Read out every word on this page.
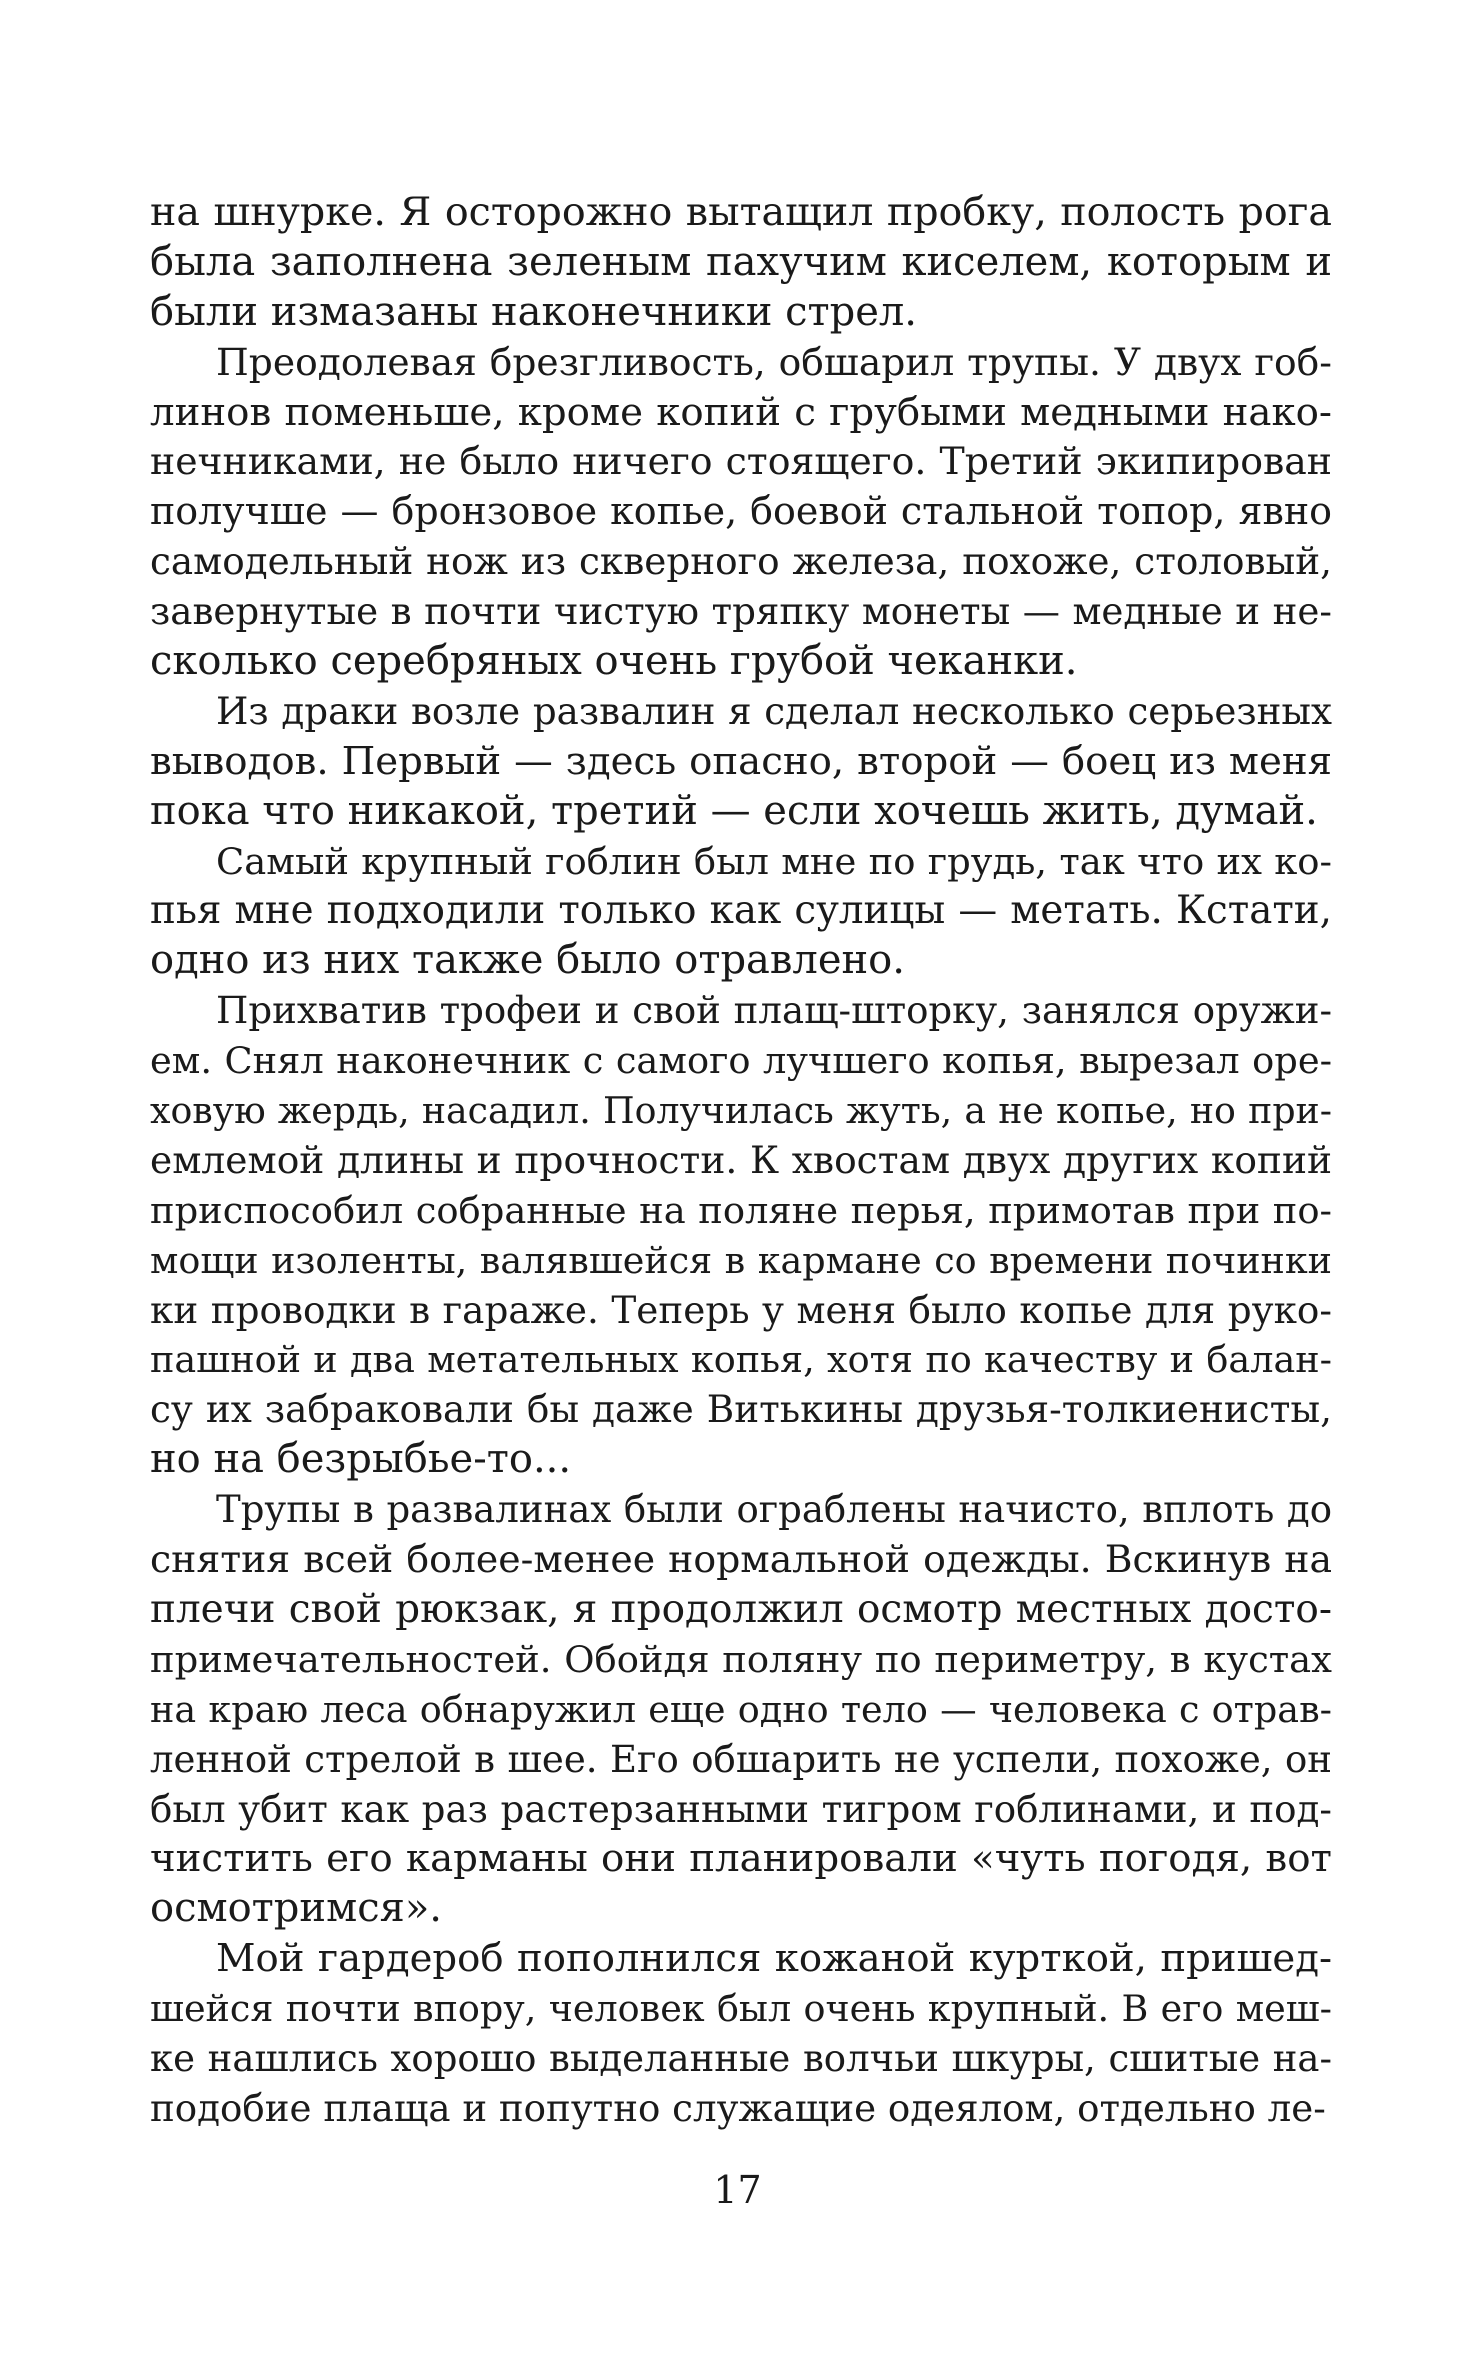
на шнурке. Я осторожно вытащил пробку, полость рога
была заполнена зеленым пахучим киселем, которым и
были измазаны наконечники стрел.
Преодолевая брезгливость, обшарил трупы. У двух гоб-
линов поменьше, кроме копий с грубыми медными нако-
нечниками, не было ничего стоящего. Третий экипирован
получше — бронзовое копье, боевой стальной топор, явно
самодельный нож из скверного железа, похоже, столовый,
завернутые в почти чистую тряпку монеты — медные и не-
сколько серебряных очень грубой чеканки.
Из драки возле развалин я сделал несколько серьезных
выводов. Первый — здесь опасно, второй — боец из меня
пока что никакой, третий — если хочешь жить, думай.
Самый крупный гоблин был мне по грудь, так что их ко-
пья мне подходили только как сулицы — метать. Кстати,
одно из них также было отравлено.
Прихватив трофеи и свой плащ-шторку, занялся оружи-
ем. Снял наконечник с самого лучшего копья, вырезал оре-
ховую жердь, насадил. Получилась жуть, а не копье, но при-
емлемой длины и прочности. К хвостам двух других копий
приспособил собранные на поляне перья, примотав при по-
мощи изоленты, валявшейся в кармане со времени починки
ки проводки в гараже. Теперь у меня было копье для руко-
пашной и два метательных копья, хотя по качеству и балан-
су их забраковали бы даже Витькины друзья-толкиенисты,
но на безрыбье-то...
Трупы в развалинах были ограблены начисто, вплоть до
снятия всей более-менее нормальной одежды. Вскинув на
плечи свой рюкзак, я продолжил осмотр местных досто-
примечательностей. Обойдя поляну по периметру, в кустах
на краю леса обнаружил еще одно тело — человека с отрав-
ленной стрелой в шее. Его обшарить не успели, похоже, он
был убит как раз растерзанными тигром гоблинами, и под-
чистить его карманы они планировали «чуть погодя, вот
осмотримся».
Мой гардероб пополнился кожаной курткой, пришед-
шейся почти впору, человек был очень крупный. В его меш-
ке нашлись хорошо выделанные волчьи шкуры, сшитые на-
подобие плаща и попутно служащие одеялом, отдельно ле-
17
